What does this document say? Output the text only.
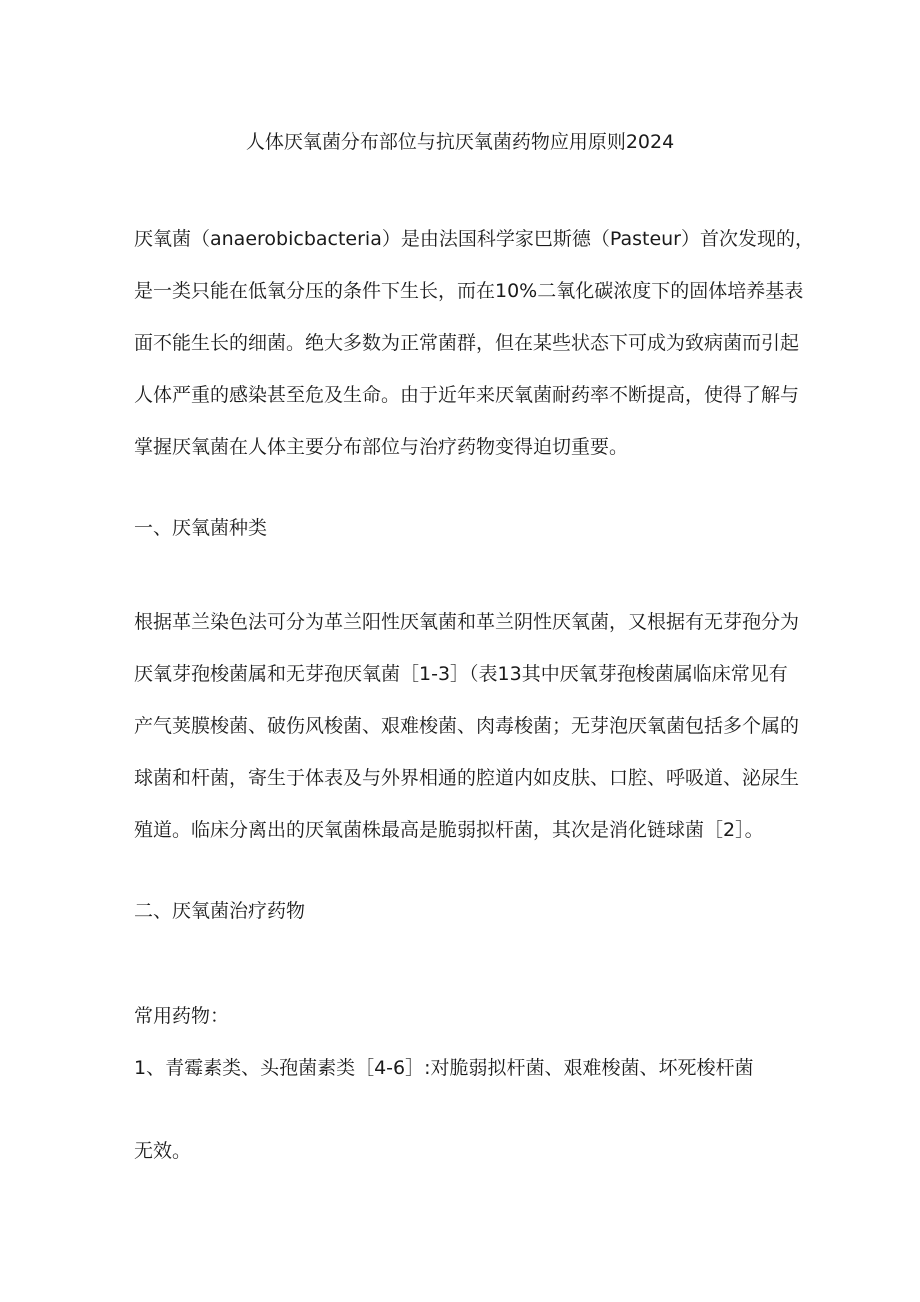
人体厌氧菌分布部位与抗厌氧菌药物应用原则2024
厌氧菌（anaerobicbacteria）是由法国科学家巴斯德（Pasteur）首次发现的，
是一类只能在低氧分压的条件下生长，而在10%二氧化碳浓度下的固体培养基表
面不能生长的细菌。绝大多数为正常菌群，但在某些状态下可成为致病菌而引起
人体严重的感染甚至危及生命。由于近年来厌氧菌耐药率不断提高，使得了解与
掌握厌氧菌在人体主要分布部位与治疗药物变得迫切重要。
一、厌氧菌种类
根据革兰染色法可分为革兰阳性厌氧菌和革兰阴性厌氧菌，又根据有无芽孢分为
厌氧芽孢梭菌属和无芽孢厌氧菌［1-3］（表13其中厌氧芽孢梭菌属临床常见有
产气荚膜梭菌、破伤风梭菌、艰难梭菌、肉毒梭菌；无芽泡厌氧菌包括多个属的
球菌和杆菌，寄生于体表及与外界相通的腔道内如皮肤、口腔、呼吸道、泌尿生
殖道。临床分离出的厌氧菌株最高是脆弱拟杆菌，其次是消化链球菌［2］。
二、厌氧菌治疗药物
常用药物：
1、青霉素类、头孢菌素类［4-6］:对脆弱拟杆菌、艰难梭菌、坏死梭杆菌
无效。
